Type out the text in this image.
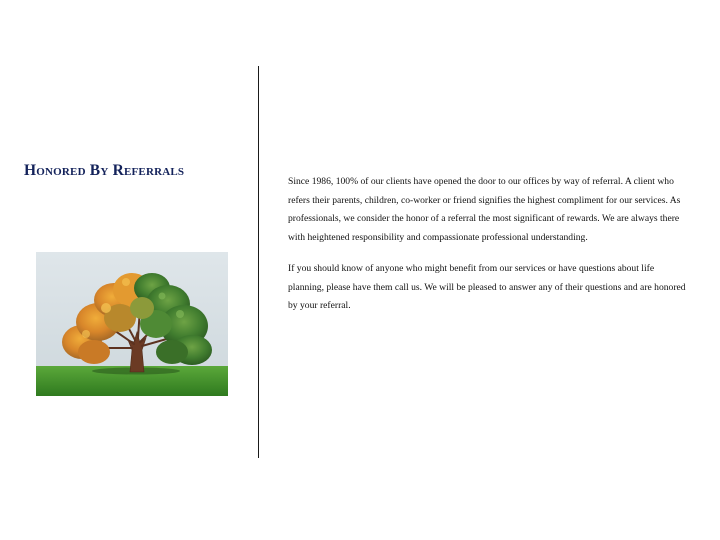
Honored By Referrals

Since 1986, 100% of our clients have opened the door to our offices by way of referral. A client who refers their parents, children, co-worker or friend signifies the highest compliment for our services. As professionals, we consider the honor of a referral the most significant of rewards. We are always there with heightened responsibility and compassionate professional understanding.

If you should know of anyone who might benefit from our services or have questions about life planning, please have them call us. We will be pleased to answer any of their questions and are honored by your referral.
